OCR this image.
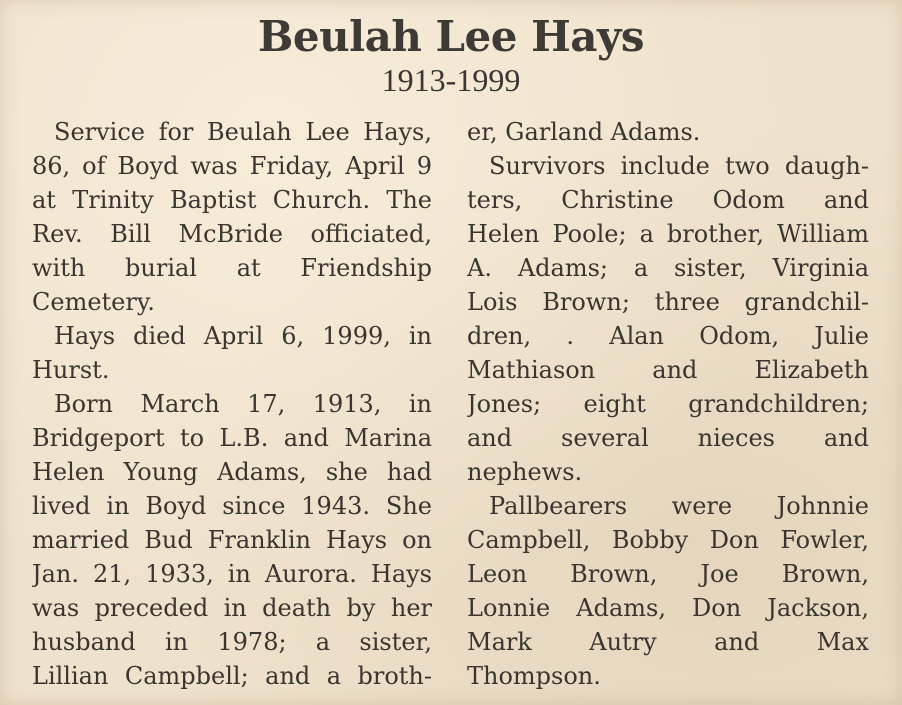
Beulah Lee Hays
1913-1999
Service for Beulah Lee Hays,
86, of Boyd was Friday, April 9
at Trinity Baptist Church. The
Rev. Bill McBride officiated,
with burial at Friendship
Cemetery.
Hays died April 6, 1999, in
Hurst.
Born March 17, 1913, in
Bridgeport to L.B. and Marina
Helen Young Adams, she had
lived in Boyd since 1943. She
married Bud Franklin Hays on
Jan. 21, 1933, in Aurora. Hays
was preceded in death by her
husband in 1978; a sister,
Lillian Campbell; and a broth-
er, Garland Adams.
Survivors include two daugh-
ters, Christine Odom and
Helen Poole; a brother, William
A. Adams; a sister, Virginia
Lois Brown; three grandchil-
dren, . Alan Odom, Julie
Mathiason and Elizabeth
Jones; eight grandchildren;
and several nieces and
nephews.
Pallbearers were Johnnie
Campbell, Bobby Don Fowler,
Leon Brown, Joe Brown,
Lonnie Adams, Don Jackson,
Mark Autry and Max
Thompson.
